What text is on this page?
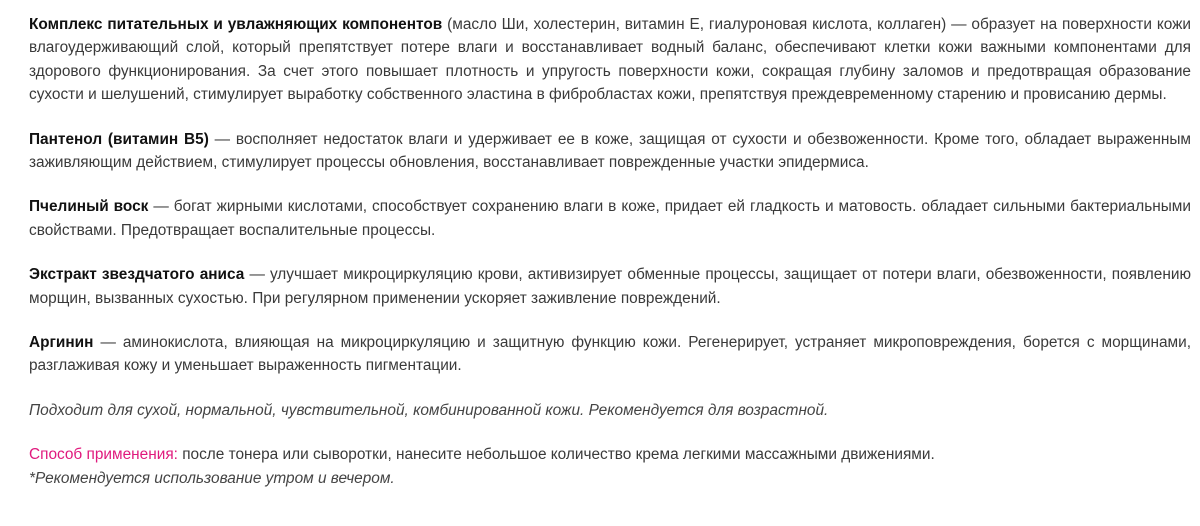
Комплекс питательных и увлажняющих компонентов (масло Ши, холестерин, витамин Е, гиалуроновая кислота, коллаген) — образует на поверхности кожи влагоудерживающий слой, который препятствует потере влаги и восстанавливает водный баланс, обеспечивают клетки кожи важными компонентами для здорового функционирования. За счет этого повышает плотность и упругость поверхности кожи, сокращая глубину заломов и предотвращая образование сухости и шелушений, стимулирует выработку собственного эластина в фибробластах кожи, препятствуя преждевременному старению и провисанию дермы.

Пантенол (витамин В5) — восполняет недостаток влаги и удерживает ее в коже, защищая от сухости и обезвоженности. Кроме того, обладает выраженным заживляющим действием, стимулирует процессы обновления, восстанавливает поврежденные участки эпидермиса.

Пчелиный воск — богат жирными кислотами, способствует сохранению влаги в коже, придает ей гладкость и матовость. обладает сильными бактериальными свойствами. Предотвращает воспалительные процессы.

Экстракт звездчатого аниса — улучшает микроциркуляцию крови, активизирует обменные процессы, защищает от потери влаги, обезвоженности, появлению морщин, вызванных сухостью. При регулярном применении ускоряет заживление повреждений.

Аргинин — аминокислота, влияющая на микроциркуляцию и защитную функцию кожи. Регенерирует, устраняет микроповреждения, борется с морщинами, разглаживая кожу и уменьшает выраженность пигментации.

Подходит для сухой, нормальной, чувствительной, комбинированной кожи. Рекомендуется для возрастной.

Способ применения: после тонера или сыворотки, нанесите небольшое количество крема легкими массажными движениями.

*Рекомендуется использование утром и вечером.
